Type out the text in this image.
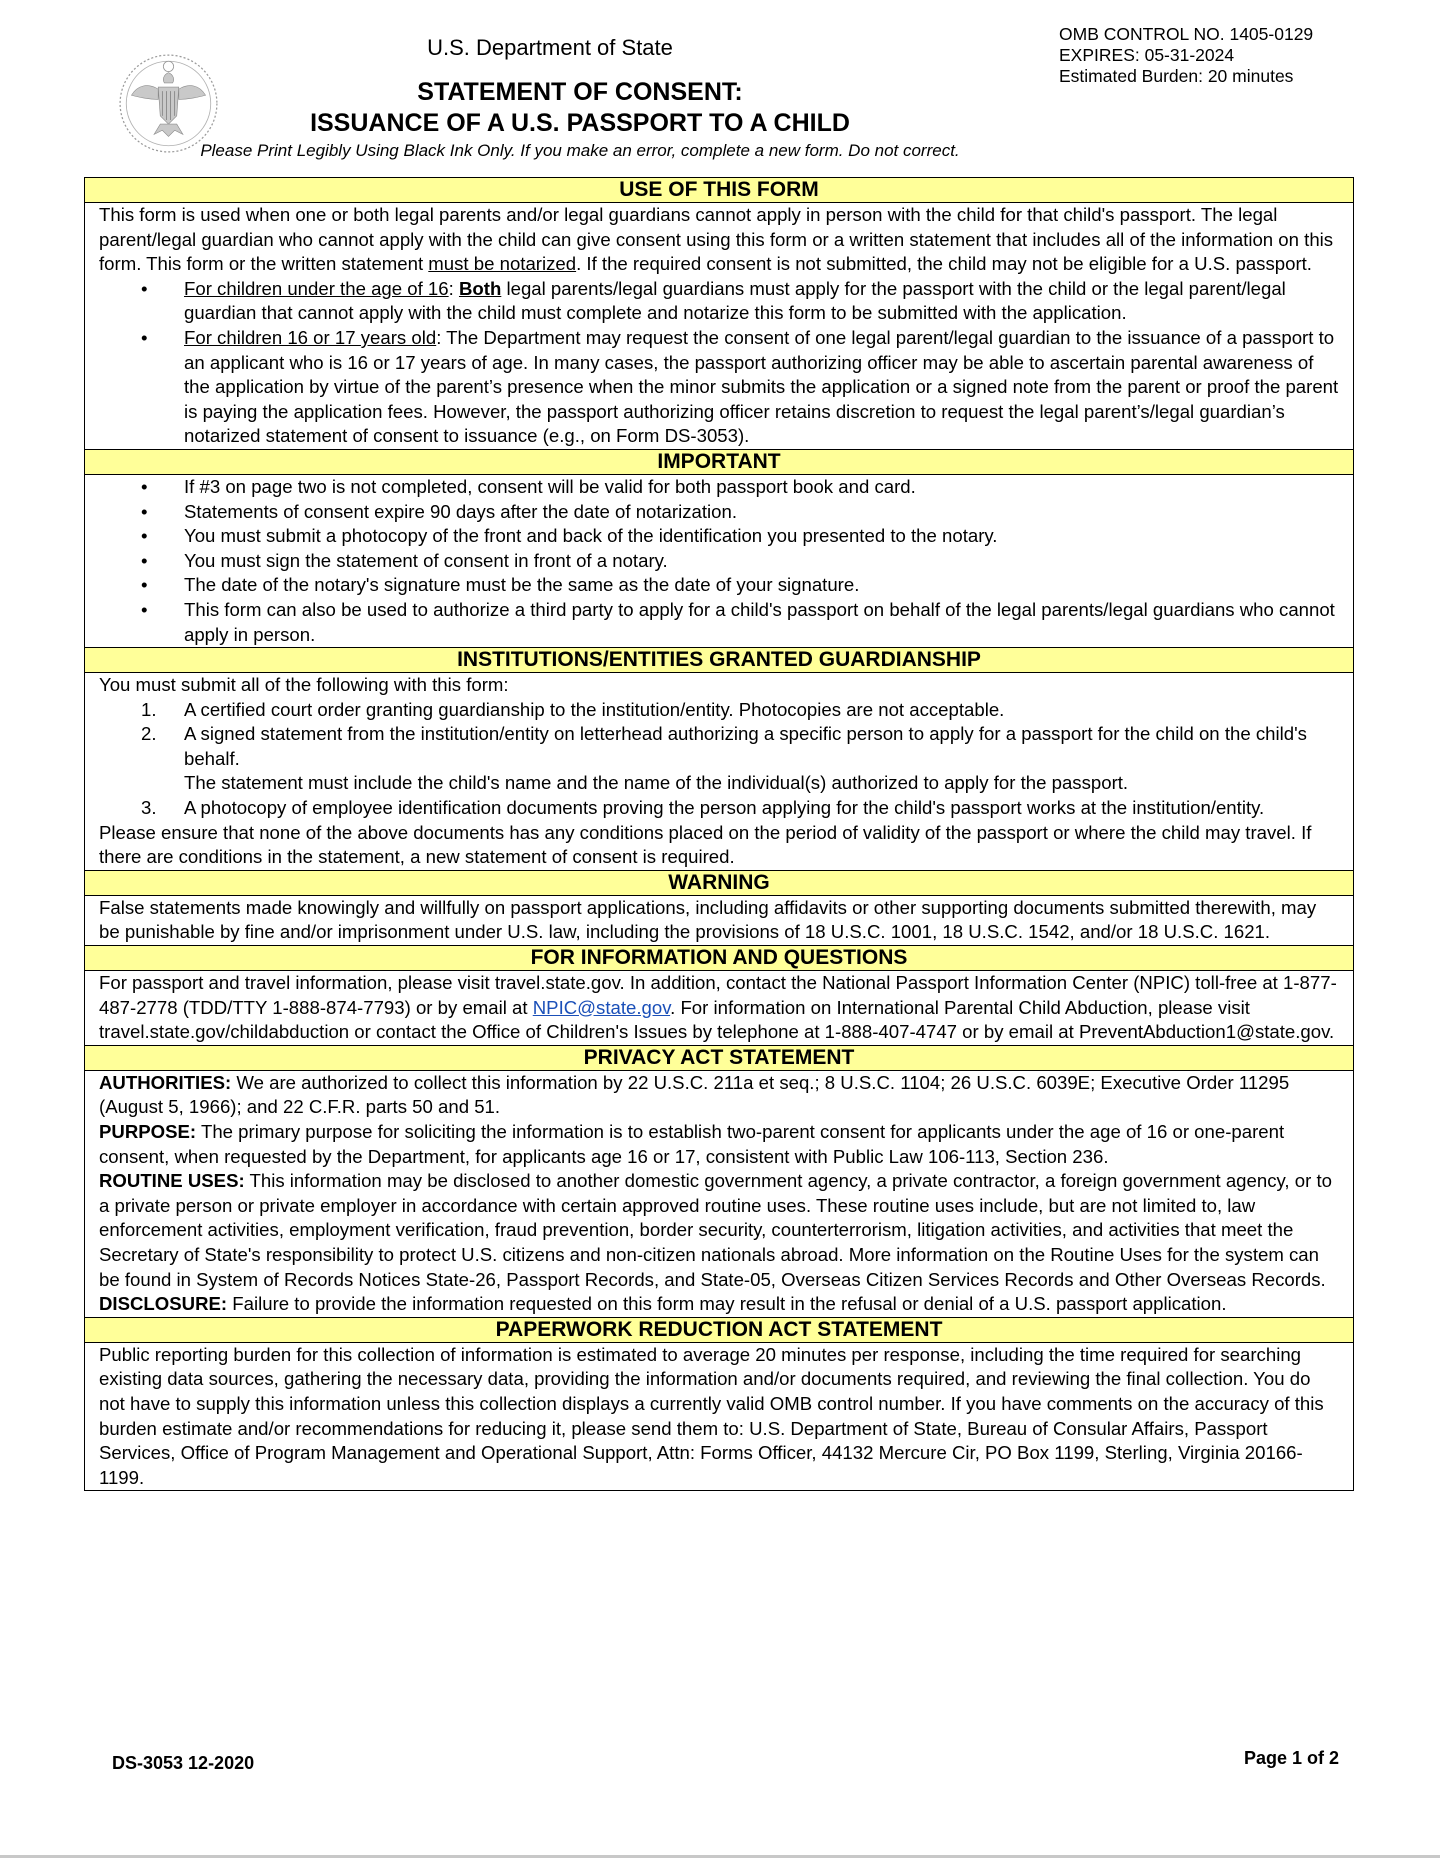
U.S. Department of State
STATEMENT OF CONSENT:
ISSUANCE OF A U.S. PASSPORT TO A CHILD
Please Print Legibly Using Black Ink Only. If you make an error, complete a new form. Do not correct.
OMB CONTROL NO. 1405-0129
EXPIRES: 05-31-2024
Estimated Burden: 20 minutes
USE OF THIS FORM

This form is used when one or both legal parents and/or legal guardians cannot apply in person with the child for that child's passport. The legal parent/legal guardian who cannot apply with the child can give consent using this form or a written statement that includes all of the information on this form. This form or the written statement must be notarized. If the required consent is not submitted, the child may not be eligible for a U.S. passport.

• For children under the age of 16: Both legal parents/legal guardians must apply for the passport with the child or the legal parent/legal guardian that cannot apply with the child must complete and notarize this form to be submitted with the application.
• For children 16 or 17 years old: The Department may request the consent of one legal parent/legal guardian to the issuance of a passport to an applicant who is 16 or 17 years of age. In many cases, the passport authorizing officer may be able to ascertain parental awareness of the application by virtue of the parent’s presence when the minor submits the application or a signed note from the parent or proof the parent is paying the application fees. However, the passport authorizing officer retains discretion to request the legal parent’s/legal guardian’s notarized statement of consent to issuance (e.g., on Form DS-3053).
IMPORTANT
• If #3 on page two is not completed, consent will be valid for both passport book and card.
• Statements of consent expire 90 days after the date of notarization.
• You must submit a photocopy of the front and back of the identification you presented to the notary.
• You must sign the statement of consent in front of a notary.
• The date of the notary's signature must be the same as the date of your signature.
• This form can also be used to authorize a third party to apply for a child's passport on behalf of the legal parents/legal guardians who cannot apply in person.
INSTITUTIONS/ENTITIES GRANTED GUARDIANSHIP

You must submit all of the following with this form:

1. A certified court order granting guardianship to the institution/entity. Photocopies are not acceptable.
2. A signed statement from the institution/entity on letterhead authorizing a specific person to apply for a passport for the child on the child's behalf.

The statement must include the child's name and the name of the individual(s) authorized to apply for the passport.

3. A photocopy of employee identification documents proving the person applying for the child's passport works at the institution/entity.

Please ensure that none of the above documents has any conditions placed on the period of validity of the passport or where the child may travel. If there are conditions in the statement, a new statement of consent is required.

WARNING

False statements made knowingly and willfully on passport applications, including affidavits or other supporting documents submitted therewith, may be punishable by fine and/or imprisonment under U.S. law, including the provisions of 18 U.S.C. 1001, 18 U.S.C. 1542, and/or 18 U.S.C. 1621.

FOR INFORMATION AND QUESTIONS

For passport and travel information, please visit travel.state.gov. In addition, contact the National Passport Information Center (NPIC) toll-free at 1-877-487-2778 (TDD/TTY 1-888-874-7793) or by email at NPIC@state.gov. For information on International Parental Child Abduction, please visit travel.state.gov/childabduction or contact the Office of Children's Issues by telephone at 1-888-407-4747 or by email at PreventAbduction1@state.gov.

PRIVACY ACT STATEMENT

AUTHORITIES: We are authorized to collect this information by 22 U.S.C. 211a et seq.; 8 U.S.C. 1104; 26 U.S.C. 6039E; Executive Order 11295 (August 5, 1966); and 22 C.F.R. parts 50 and 51.

PURPOSE: The primary purpose for soliciting the information is to establish two-parent consent for applicants under the age of 16 or one-parent consent, when requested by the Department, for applicants age 16 or 17, consistent with Public Law 106-113, Section 236.

ROUTINE USES: This information may be disclosed to another domestic government agency, a private contractor, a foreign government agency, or to a private person or private employer in accordance with certain approved routine uses. These routine uses include, but are not limited to, law enforcement activities, employment verification, fraud prevention, border security, counterterrorism, litigation activities, and activities that meet the Secretary of State's responsibility to protect U.S. citizens and non-citizen nationals abroad. More information on the Routine Uses for the system can be found in System of Records Notices State-26, Passport Records, and State-05, Overseas Citizen Services Records and Other Overseas Records.

DISCLOSURE: Failure to provide the information requested on this form may result in the refusal or denial of a U.S. passport application.

PAPERWORK REDUCTION ACT STATEMENT

Public reporting burden for this collection of information is estimated to average 20 minutes per response, including the time required for searching existing data sources, gathering the necessary data, providing the information and/or documents required, and reviewing the final collection. You do not have to supply this information unless this collection displays a currently valid OMB control number. If you have comments on the accuracy of this burden estimate and/or recommendations for reducing it, please send them to: U.S. Department of State, Bureau of Consular Affairs, Passport Services, Office of Program Management and Operational Support, Attn: Forms Officer, 44132 Mercure Cir, PO Box 1199, Sterling, Virginia 20166-1199.

DS-3053 12-2020	Page 1 of 2
